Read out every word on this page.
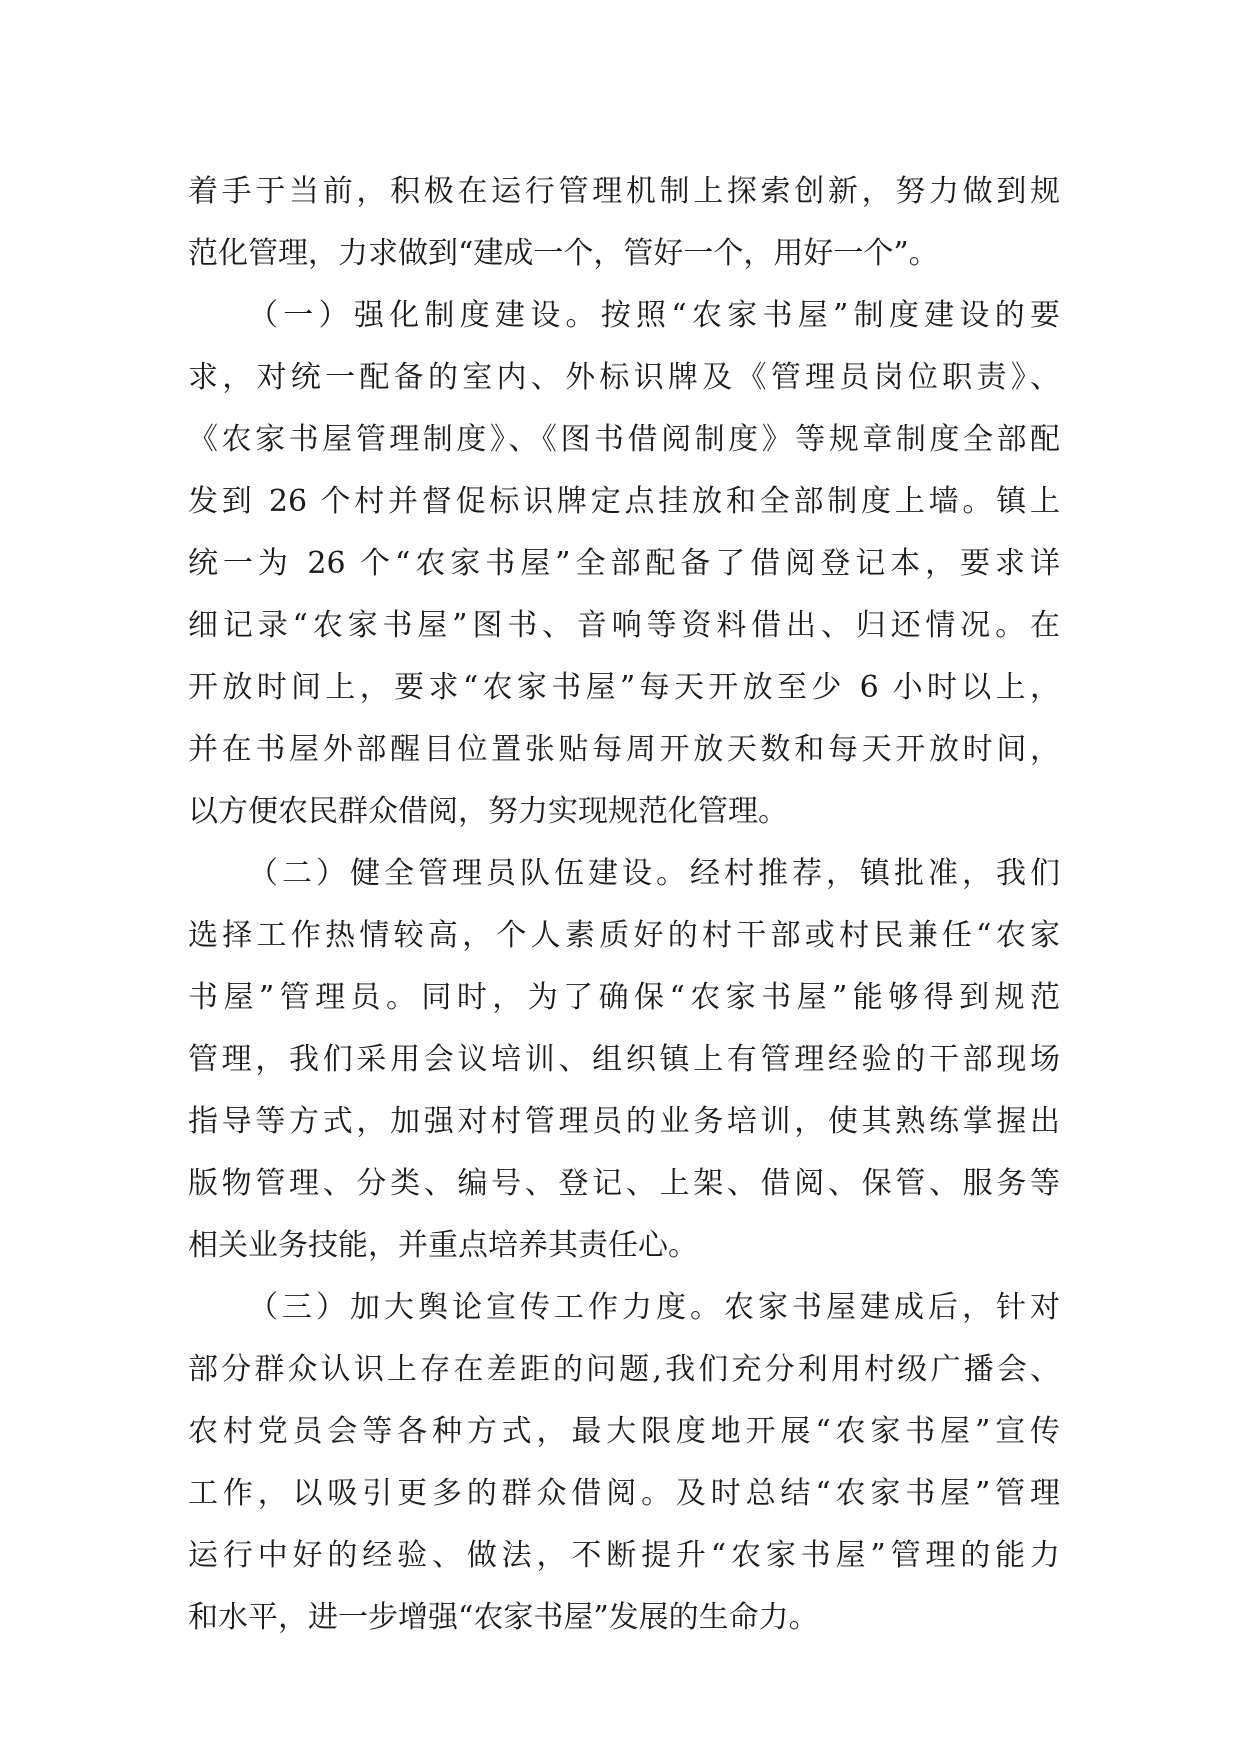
着手于当前，积极在运行管理机制上探索创新，努力做到规
范化管理，力求做到“建成一个，管好一个，用好一个”。
（一）强化制度建设。按照“农家书屋”制度建设的要
求，对统一配备的室内、外标识牌及《管理员岗位职责》、
《农家书屋管理制度》、《图书借阅制度》等规章制度全部配
发到 26 个村并督促标识牌定点挂放和全部制度上墙。镇上
统一为 26 个“农家书屋”全部配备了借阅登记本，要求详
细记录“农家书屋”图书、音响等资料借出、归还情况。在
开放时间上，要求“农家书屋”每天开放至少 6 小时以上，
并在书屋外部醒目位置张贴每周开放天数和每天开放时间，
以方便农民群众借阅，努力实现规范化管理。
（二）健全管理员队伍建设。经村推荐，镇批准，我们
选择工作热情较高，个人素质好的村干部或村民兼任“农家
书屋”管理员。同时，为了确保“农家书屋”能够得到规范
管理，我们采用会议培训、组织镇上有管理经验的干部现场
指导等方式，加强对村管理员的业务培训，使其熟练掌握出
版物管理、分类、编号、登记、上架、借阅、保管、服务等
相关业务技能，并重点培养其责任心。
（三）加大舆论宣传工作力度。农家书屋建成后，针对
部分群众认识上存在差距的问题,我们充分利用村级广播会、
农村党员会等各种方式，最大限度地开展“农家书屋”宣传
工作，以吸引更多的群众借阅。及时总结“农家书屋”管理
运行中好的经验、做法，不断提升“农家书屋”管理的能力
和水平，进一步增强“农家书屋”发展的生命力。
